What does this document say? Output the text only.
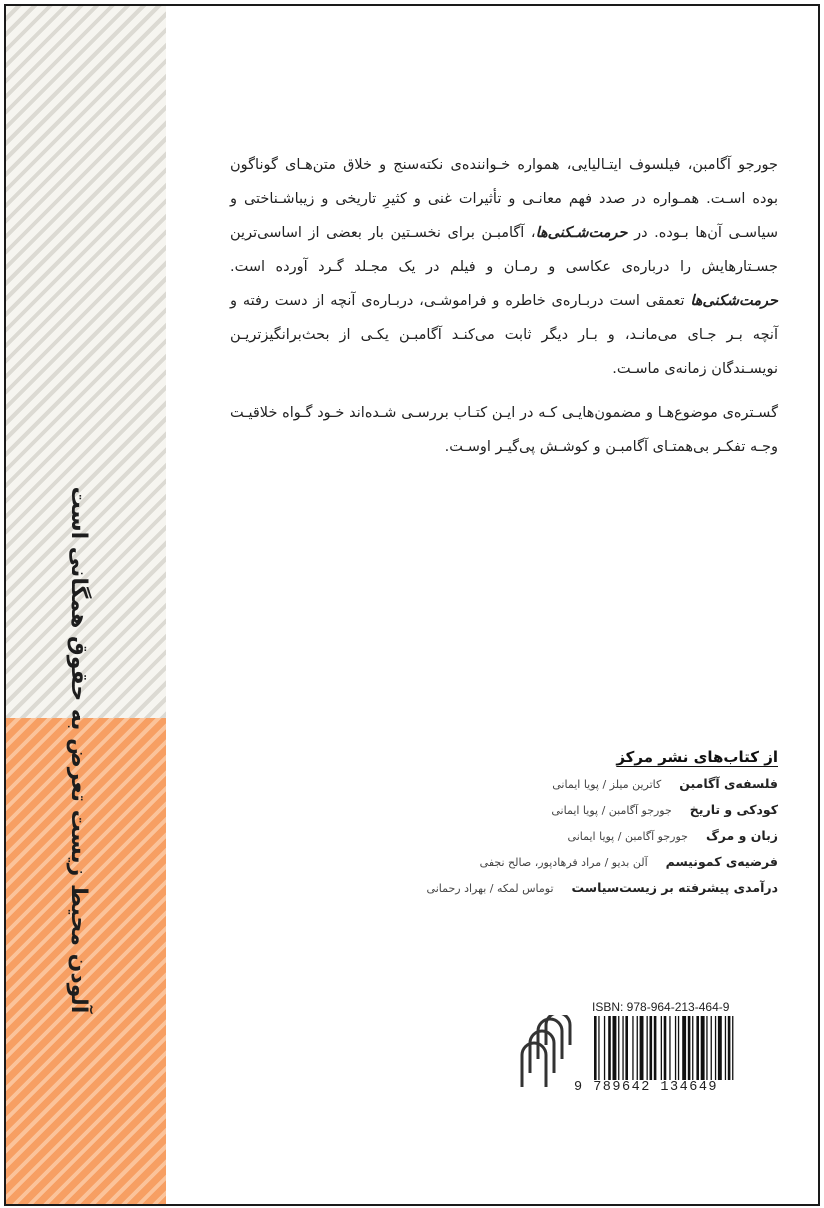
آلودن محیط زیست تعرض به حقوق همگانی است

جورجو آگامبن، فیلسوف ایتـالیایی، همواره خـواننده‌ی نکته‌سنج و خلاق متن‌هـای گوناگون بوده اسـت. همـواره در صدد فهم معانـی و تأثیرات غنی و کثیرِ تاریخی و زیباشـناختی و سیاسـی آن‌ها بـوده. در حرمت‌شـکنی‌ها، آگامبـن برای نخسـتین بار بعضی از اساسی‌ترین جسـتارهایش را درباره‌ی عکاسی و رمـان و فیلم در یک مجـلد گـرد آورده است. حرمت‌شکنی‌ها تعمقی است دربـاره‌ی خاطره و فراموشـی، دربـاره‌ی آنچه از دست رفته و آنچه بـر جـای می‌مانـد، و بـار دیگر ثابت می‌کنـد آگامبـن یکـی از بحث‌برانگیزتریـن نویسـندگان زمانه‌ی ماسـت.

گسـتره‌ی موضوع‌هـا و مضمون‌هایـی کـه در ایـن کتـاب بررسـی شـده‌اند خـود گـواه خلاقیـت وجـه تفکـر بی‌همتـای آگامبـن و کوشـش پی‌گیـر اوسـت.

از کتاب‌های نشر مرکز
فلسفه‌ی آگامبن
کاترین میلز / پویا ایمانی
کودکی و تاریخ
جورجو آگامبن / پویا ایمانی
زبان و مرگ
جورجو آگامبن / پویا ایمانی
فرضیه‌ی کمونیسم
آلن بدیو / مراد فرهادپور، صالح نجفی
درآمدی پیشرفته بر زیست‌سیاست
توماس لمکه / بهراد رحمانی
ISBN: 978-964-213-464-9
9 789642 134649
